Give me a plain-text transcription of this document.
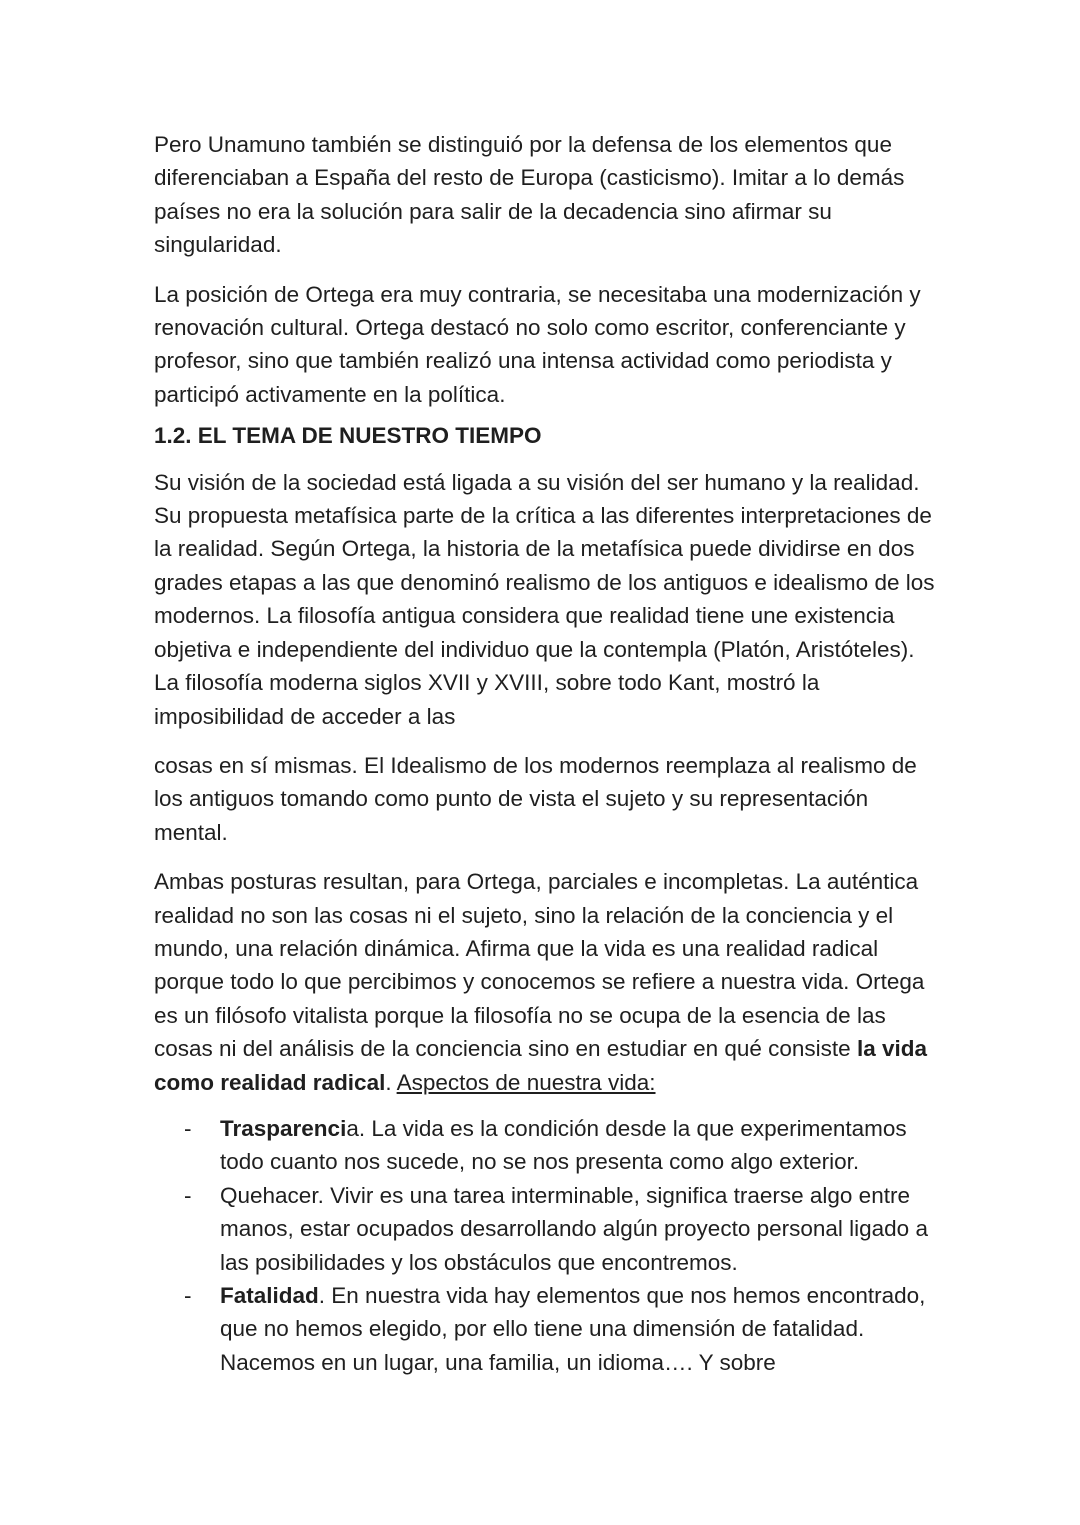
Pero Unamuno también se distinguió por la defensa de los elementos que diferenciaban a España del resto de Europa (casticismo). Imitar a lo demás países no era la solución para salir de la decadencia sino afirmar su singularidad.

La posición de Ortega era muy contraria, se necesitaba una modernización y renovación cultural. Ortega destacó no solo como escritor, conferenciante y profesor, sino que también realizó una intensa actividad como periodista y participó activamente en la política.

1.2. EL TEMA DE NUESTRO TIEMPO

Su visión de la sociedad está ligada a su visión del ser humano y la realidad. Su propuesta metafísica parte de la crítica a las diferentes interpretaciones de la realidad. Según Ortega, la historia de la metafísica puede dividirse en dos grades etapas a las que denominó realismo de los antiguos e idealismo de los modernos. La filosofía antigua considera que realidad tiene une existencia objetiva e independiente del individuo que la contempla (Platón, Aristóteles). La filosofía moderna siglos XVII y XVIII, sobre todo Kant, mostró la imposibilidad de acceder a las

cosas en sí mismas. El Idealismo de los modernos reemplaza al realismo de los antiguos tomando como punto de vista el sujeto y su representación mental.

Ambas posturas resultan, para Ortega, parciales e incompletas. La auténtica realidad no son las cosas ni el sujeto, sino la relación de la conciencia y el mundo, una relación dinámica. Afirma que la vida es una realidad radical porque todo lo que percibimos y conocemos se refiere a nuestra vida. Ortega es un filósofo vitalista porque la filosofía no se ocupa de la esencia de las cosas ni del análisis de la conciencia sino en estudiar en qué consiste la vida como realidad radical. Aspectos de nuestra vida:

- Trasparencia. La vida es la condición desde la que experimentamos todo cuanto nos sucede, no se nos presenta como algo exterior.
- Quehacer. Vivir es una tarea interminable, significa traerse algo entre manos, estar ocupados desarrollando algún proyecto personal ligado a las posibilidades y los obstáculos que encontremos.
- Fatalidad. En nuestra vida hay elementos que nos hemos encontrado, que no hemos elegido, por ello tiene una dimensión de fatalidad. Nacemos en un lugar, una familia, un idioma…. Y sobre
